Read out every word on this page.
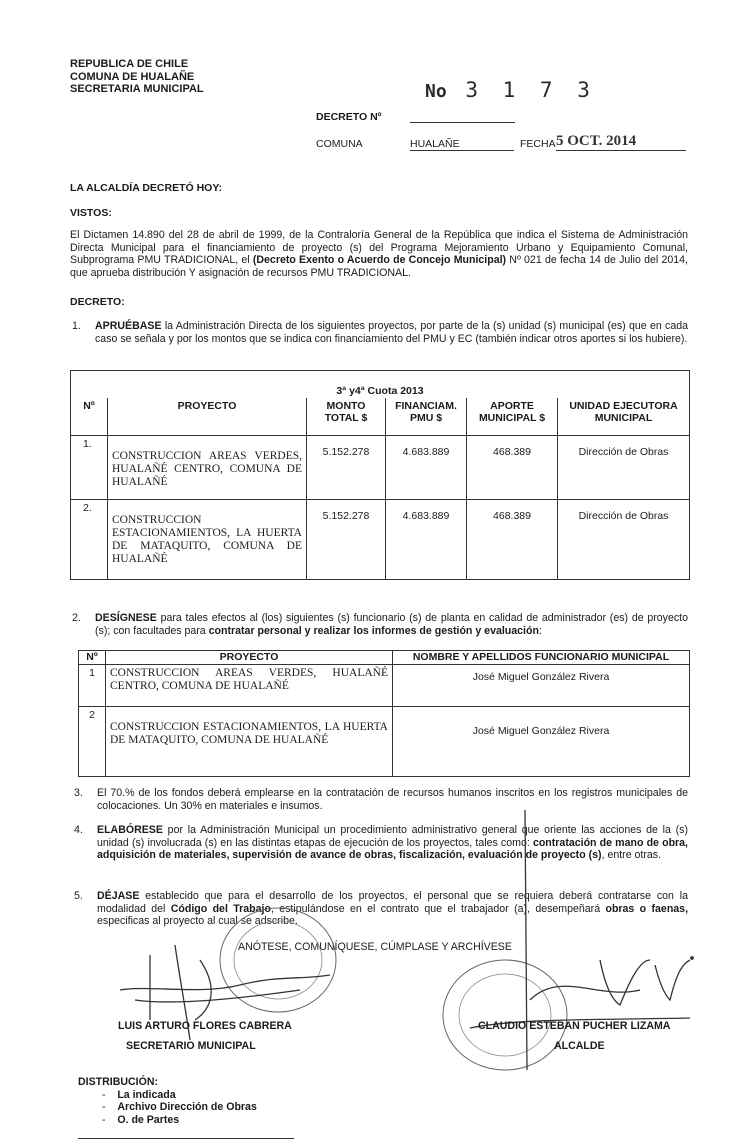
REPUBLICA DE CHILE
COMUNA DE HUALAÑE
SECRETARIA MUNICIPAL	No 3 1 7 3
DECRETO Nº
COMUNA	HUALAÑE	FECHA 5 OCT. 2014
LA ALCALDÍA DECRETÓ HOY:
VISTOS:
El Dictamen 14.890 del 28 de abril de 1999, de la Contraloría General de la República que indica el Sistema de Administración Directa Municipal para el financiamiento de proyecto (s) del Programa Mejoramiento Urbano y Equipamiento Comunal, Subprograma PMU TRADICIONAL, el (Decreto Exento o Acuerdo de Concejo Municipal) Nº 021 de fecha 14 de Julio del 2014, que aprueba distribución Y asignación de recursos PMU TRADICIONAL.
DECRETO:
1. APRUÉBASE la Administración Directa de los siguientes proyectos, por parte de la (s) unidad (s) municipal (es) que en cada caso se señala y por los montos que se indica con financiamiento del PMU y EC (también indicar otros aportes si los hubiere).
3ª y4ª Cuota 2013					
Nº	PROYECTO	MONTO TOTAL $	FINANCIAM. PMU $	APORTE MUNICIPAL $	UNIDAD EJECUTORA MUNICIPAL
1.	CONSTRUCCION AREAS VERDES, HUALAÑÉ CENTRO, COMUNA DE HUALAÑÉ	5.152.278	4.683.889	468.389	Dirección de Obras
2.	CONSTRUCCION ESTACIONAMIENTOS, LA HUERTA DE MATAQUITO, COMUNA DE HUALAÑÉ	5.152.278	4.683.889	468.389	Dirección de Obras
2. DESÍGNESE para tales efectos al (los) siguientes (s) funcionario (s) de planta en calidad de administrador (es) de proyecto (s); con facultades para contratar personal y realizar los informes de gestión y evaluación:
Nº	PROYECTO	NOMBRE Y APELLIDOS FUNCIONARIO MUNICIPAL
1	CONSTRUCCION AREAS VERDES, HUALAÑÉ CENTRO, COMUNA DE HUALAÑÉ	José Miguel González Rivera
2	CONSTRUCCION ESTACIONAMIENTOS, LA HUERTA DE MATAQUITO, COMUNA DE HUALAÑÉ	José Miguel González Rivera
3. El 70.% de los fondos deberá emplearse en la contratación de recursos humanos inscritos en los registros municipales de colocaciones. Un 30% en materiales e insumos.
4. ELABÓRESE por la Administración Municipal un procedimiento administrativo general que oriente las acciones de la (s) unidad (s) involucrada (s) en las distintas etapas de ejecución de los proyectos, tales como: contratación de mano de obra, adquisición de materiales, supervisión de avance de obras, fiscalización, evaluación de proyecto (s), entre otras.
5. DÉJASE establecido que para el desarrollo de los proyectos, el personal que se requiera deberá contratarse con la modalidad del Código del Trabajo, estipulándose en el contrato que el trabajador (a), desempeñará obras o faenas, especificas al proyecto al cual se adscribe.
ANÓTESE, COMUNÍQUESE, CÚMPLASE Y ARCHÍVESE
LUIS ARTURO FLORES CABRERA
SECRETARIO MUNICIPAL
CLAUDIO ESTEBAN PUCHER LIZAMA
ALCALDE
DISTRIBUCIÓN:
-    La indicada
-    Archivo Dirección de Obras
-    O. de Partes
